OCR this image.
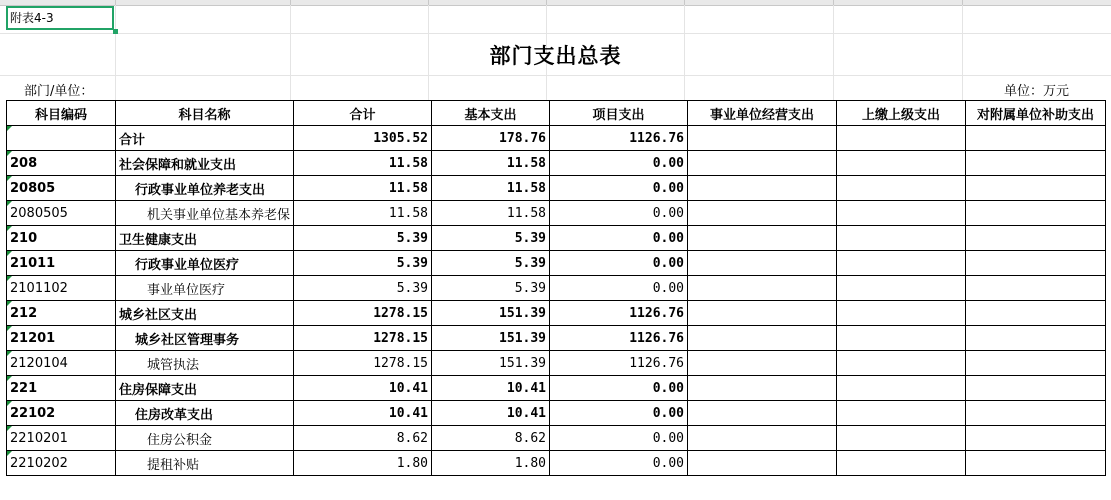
附表4-3
部门支出总表
部门/单位：	单位：万元
科目编码	科目名称	合计	基本支出	项目支出	事业单位经营支出	上缴上级支出	对附属单位补助支出
	合计	1305.52	178.76	1126.76			
208	社会保障和就业支出	11.58	11.58	0.00			
20805	行政事业单位养老支出	11.58	11.58	0.00			
2080505	机关事业单位基本养老保	11.58	11.58	0.00			
210	卫生健康支出	5.39	5.39	0.00			
21011	行政事业单位医疗	5.39	5.39	0.00			
2101102	事业单位医疗	5.39	5.39	0.00			
212	城乡社区支出	1278.15	151.39	1126.76			
21201	城乡社区管理事务	1278.15	151.39	1126.76			
2120104	城管执法	1278.15	151.39	1126.76			
221	住房保障支出	10.41	10.41	0.00			
22102	住房改革支出	10.41	10.41	0.00			
2210201	住房公积金	8.62	8.62	0.00			
2210202	提租补贴	1.80	1.80	0.00			
